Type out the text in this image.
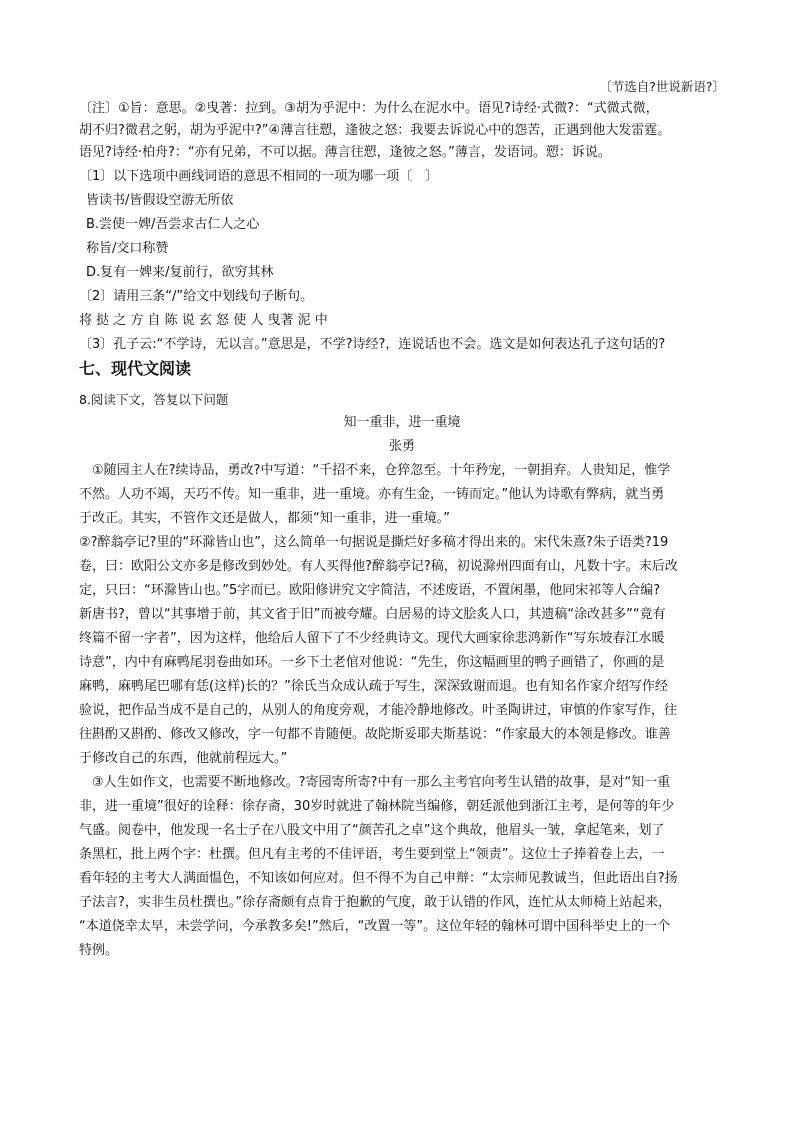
〔节选自?世说新语?〕
〔注〕①旨：意思。②曳著：拉到。③胡为乎泥中：为什么在泥水中。语见?诗经·式微?：“式微式微，
胡不归?微君之躬，胡为乎泥中?”④薄言往愬，逢彼之怒：我要去诉说心中的怨苦，正遇到他大发雷霆。
语见?诗经·柏舟?：“亦有兄弟，不可以据。薄言往愬，逢彼之怒。”薄言，发语词。愬：诉说。
〔1〕以下选项中画线词语的意思不相同的一项为哪一项〔　〕
皆读书/皆假设空游无所依
B.尝使一婢/吾尝求古仁人之心
称旨/交口称赞
D.复有一婢来/复前行，欲穷其林
〔2〕请用三条“/”给文中划线句子断句。
将 挞 之 方 自 陈 说 玄 怒 使 人 曳著 泥 中
〔3〕孔子云:“不学诗，无以言。”意思是，不学?诗经?，连说话也不会。选文是如何表达孔子这句话的?
七、现代文阅读
8.阅读下文，答复以下问题
知一重非，进一重境
张勇
　①随园主人在?续诗品，勇改?中写道：“千招不来，仓猝忽至。十年矜宠，一朝捐弃。人贵知足，惟学
不然。人功不竭，天巧不传。知一重非，进一重境。亦有生金，一铸而定。”他认为诗歌有弊病，就当勇
于改正。其实，不管作文还是做人，都须“知一重非，进一重境。”
②?醉翁亭记?里的“环滁皆山也”，这么简单一句据说是撕烂好多稿才得出来的。宋代朱熹?朱子语类?19
卷，曰：欧阳公文亦多是修改到妙处。有人买得他?醉翁亭记?稿，初说滁州四面有山，凡数十字。末后改
定，只曰：“环滁皆山也。”5字而已。欧阳修讲究文字简洁，不述废语，不置闲墨，他同宋祁等人合编?
新唐书?，曾以“其事增于前，其文省于旧”而被夸耀。白居易的诗文脍炙人口，其遗稿“涂改甚多”“竟有
终篇不留一字者”，因为这样，他给后人留下了不少经典诗文。现代大画家徐悲鸿新作“写东坡春江水暖
诗意”，内中有麻鸭尾羽卷曲如环。一乡下土老倌对他说：“先生，你这幅画里的鸭子画错了，你画的是
麻鸭，麻鸭尾巴哪有恁(这样)长的？”徐氏当众成认疏于写生，深深致谢而退。也有知名作家介绍写作经
验说，把作品当成不是自己的，从别人的角度旁观，才能冷静地修改。叶圣陶讲过，审慎的作家写作，往
往斟酌又斟酌、修改又修改，字一句都不肯随便。故陀斯妥耶夫斯基说：“作家最大的本领是修改。谁善
于修改自己的东西，他就前程远大。”
　③人生如作文，也需要不断地修改。?寄园寄所寄?中有一那么主考官向考生认错的故事，是对“知一重
非，进一重境”很好的诠释：徐存斋，30岁时就进了翰林院当编修，朝廷派他到浙江主考，是何等的年少
气盛。阅卷中，他发现一名士子在八股文中用了“颜苦孔之卓”这个典故，他眉头一皱，拿起笔来，划了
条黑杠，批上两个字：杜撰。但凡有主考的不佳评语，考生要到堂上“领责”。这位士子捧着卷上去，一
看年轻的主考大人满面愠色，不知该如何应对。但不得不为自己申辩：“太宗师见教诚当，但此语出自?扬
子法言?，实非生员杜撰也。”徐存斋颇有点肯于抱歉的气度，敢于认错的作风，连忙从太师椅上站起来，
“本道侥幸太早，未尝学问，今承教多矣!”然后，“改置一等”。这位年轻的翰林可谓中国科举史上的一个
特例。
